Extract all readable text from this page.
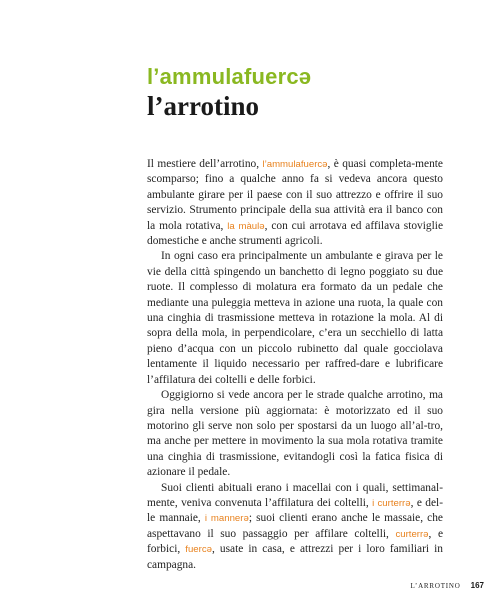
l’ammulafuercə
l’arrotino

Il mestiere dell’arrotino, l’ammulafuercə, è quasi completa-mente scomparso; fino a qualche anno fa si vedeva ancora questo ambulante girare per il paese con il suo attrezzo e offrire il suo servizio. Strumento principale della sua attività era il banco con la mola rotativa, la màulə, con cui arrotava ed affilava stoviglie domestiche e anche strumenti agricoli.

In ogni caso era principalmente un ambulante e girava per le vie della città spingendo un banchetto di legno poggiato su due ruote. Il complesso di molatura era formato da un pedale che mediante una puleggia metteva in azione una ruota, la quale con una cinghia di trasmissione metteva in rotazione la mola. Al di sopra della mola, in perpendicolare, c’era un secchiello di latta pieno d’acqua con un piccolo rubinetto dal quale gocciolava lentamente il liquido necessario per raffred-dare e lubrificare l’affilatura dei coltelli e delle forbici.

Oggigiorno si vede ancora per le strade qualche arrotino, ma gira nella versione più aggiornata: è motorizzato ed il suo motorino gli serve non solo per spostarsi da un luogo all’al-tro, ma anche per mettere in movimento la sua mola rotativa tramite una cinghia di trasmissione, evitandogli così la fatica fisica di azionare il pedale.

Suoi clienti abituali erano i macellai con i quali, settimanal-mente, veniva convenuta l’affilatura dei coltelli, i curterrə, e del-le mannaie, i mannerə; suoi clienti erano anche le massaie, che aspettavano il suo passaggio per affilare coltelli, curterrə, e forbici, fuercə, usate in casa, e attrezzi per i loro familiari in campagna.

L’ARROTINO 167
